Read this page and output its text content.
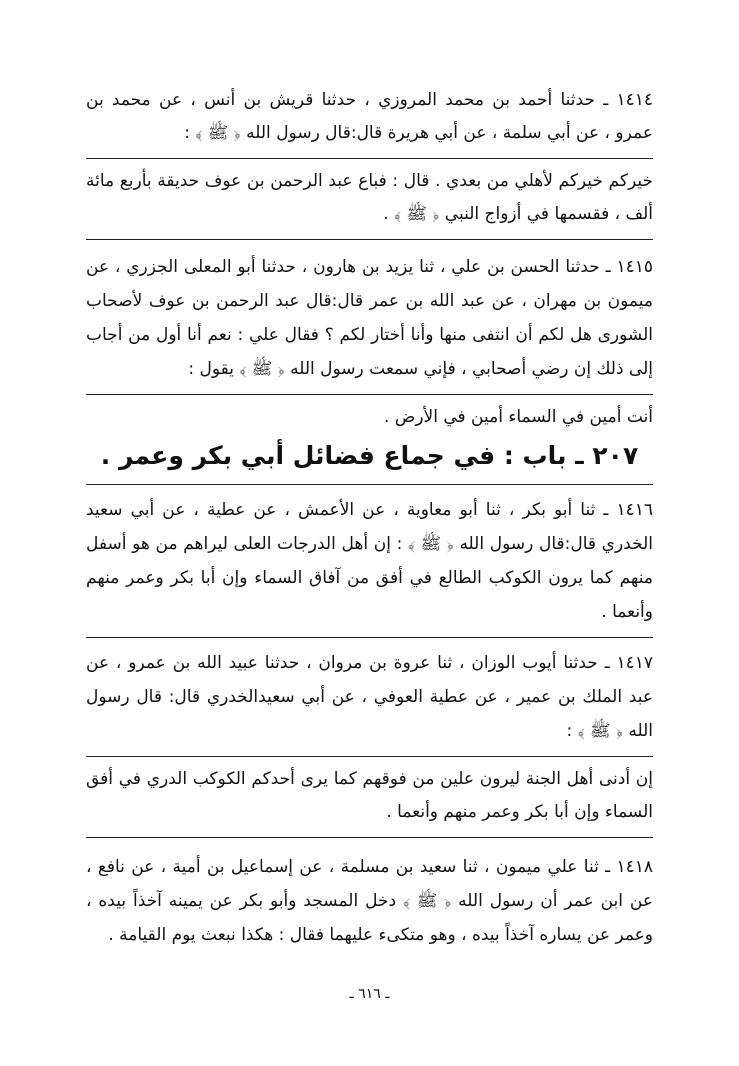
١٤١٤ ـ حدثنا أحمد بن محمد المروزي ، حدثنا قريش بن أنس ، عن محمد بن عمرو ، عن أبي سلمة ، عن أبي هريرة قال:قال رسول الله ﴿ ﷺ ﴾ :

خيركم خيركم لأهلي من بعدي . قال : فباع عبد الرحمن بن عوف حديقة بأربع مائة ألف ، فقسمها في أزواج النبي ﴿ ﷺ ﴾ .

١٤١٥ ـ حدثنا الحسن بن علي ، ثنا يزيد بن هارون ، حدثنا أبو المعلى الجزري ، عن ميمون بن مهران ، عن عبد الله بن عمر قال:قال عبد الرحمن بن عوف لأصحاب الشورى هل لكم أن انتفى منها وأنا أختار لكم ؟ فقال علي : نعم أنا أول من أجاب إلى ذلك إن رضي أصحابي ، فإني سمعت رسول الله ﴿ ﷺ ﴾ يقول :

أنت أمين في السماء أمين في الأرض .

٢٠٧ ـ باب : في جماع فضائل أبي بكر وعمر .

١٤١٦ ـ ثنا أبو بكر ، ثنا أبو معاوية ، عن الأعمش ، عن عطية ، عن أبي سعيد الخدري قال:قال رسول الله ﴿ ﷺ ﴾ : إن أهل الدرجات العلى ليراهم من هو أسفل منهم كما يرون الكوكب الطالع في أفق من آفاق السماء وإن أبا بكر وعمر منهم وأنعما .

١٤١٧ ـ حدثنا أيوب الوزان ، ثنا عروة بن مروان ، حدثنا عبيد الله بن عمرو ، عن عبد الملك بن عمير ، عن عطية العوفي ، عن أبي سعيدالخدري قال: قال رسول الله ﴿ ﷺ ﴾ :

إن أدنى أهل الجنة ليرون علين من فوقهم كما يرى أحدكم الكوكب الدري في أفق السماء وإن أبا بكر وعمر منهم وأنعما .

١٤١٨ ـ ثنا علي ميمون ، ثنا سعيد بن مسلمة ، عن إسماعيل بن أمية ، عن نافع ، عن ابن عمر أن رسول الله ﴿ ﷺ ﴾ دخل المسجد وأبو بكر عن يمينه آخذاً بيده ، وعمر عن يساره آخذاً بيده ، وهو متكىء عليهما فقال : هكذا نبعث يوم القيامة .

ـ ٦١٦ ـ
